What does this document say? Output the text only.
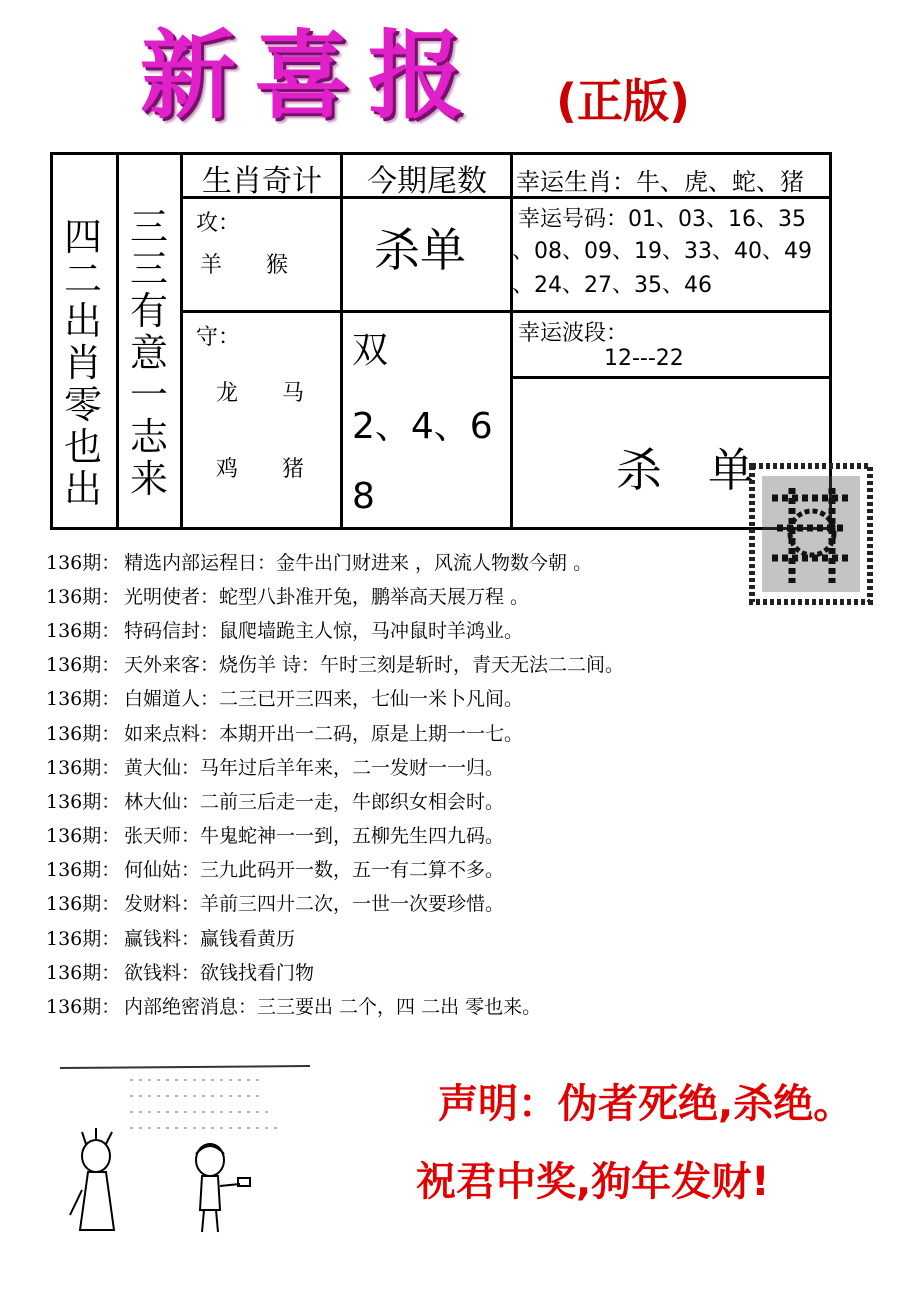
新喜报 (正版)
四
二
出
肖
零
也
出
三
三
有
意
一
志
来
生肖奇计	今期尾数	幸运生肖：牛、虎、蛇、猪
攻：
羊　　猴 杀单
幸运号码：01、03、16、35
、08、09、19、33、40、49
、24、27、35、46
守：
龙　　马
鸡　　猪
双
2、4、6
8
幸运波段：
12---22
杀　单
136期： 精选内部运程日：金牛出门财进来 ，风流人物数今朝 。
136期： 光明使者：蛇型八卦准开兔，鹏举高天展万程 。
136期： 特码信封：鼠爬墙跪主人惊，马冲鼠时羊鸿业。
136期： 天外来客：烧伤羊 诗：午时三刻是斩时，青天无法二二间。
136期： 白媚道人：二三已开三四来，七仙一米卜凡间。
136期： 如来点料：本期开出一二码，原是上期一一七。
136期： 黄大仙：马年过后羊年来，二一发财一一归。
136期： 林大仙：二前三后走一走，牛郎织女相会时。
136期： 张天师：牛鬼蛇神一一到，五柳先生四九码。
136期： 何仙姑：三九此码开一数，五一有二算不多。
136期： 发财料：羊前三四廾二次，一世一次要珍惜。
136期： 赢钱料：赢钱看黄历
136期： 欲钱料：欲钱找看门物
136期： 内部绝密消息：三三要出 二个，四 二出 零也来。
声明：伪者死绝,杀绝。
祝君中奖,狗年发财!
